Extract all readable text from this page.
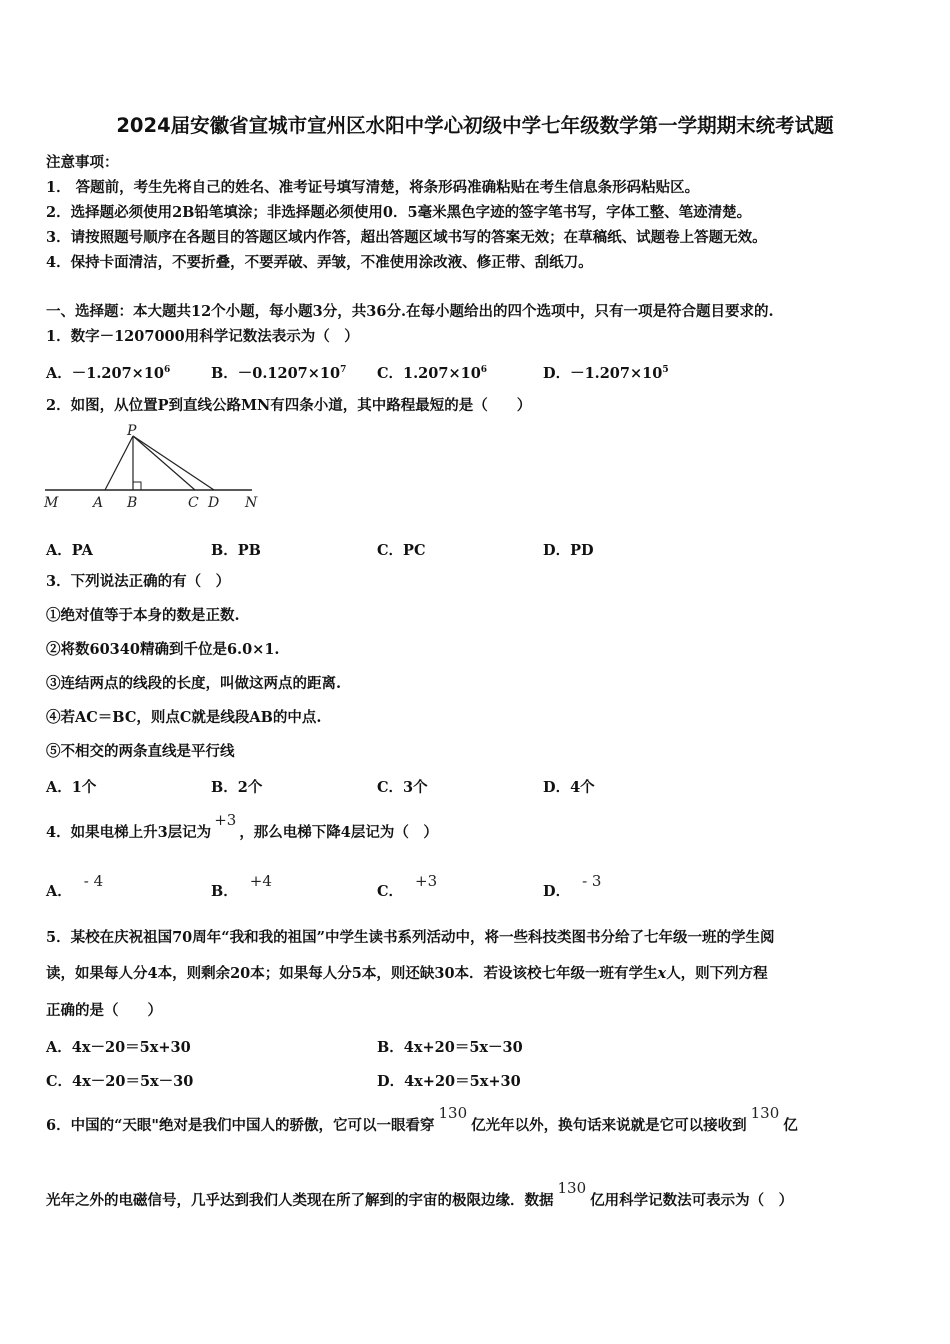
2024届安徽省宣城市宣州区水阳中学心初级中学七年级数学第一学期期末统考试题
注意事项：
1． 答题前，考生先将自己的姓名、准考证号填写清楚，将条形码准确粘贴在考生信息条形码粘贴区。
2．选择题必须使用2B铅笔填涂；非选择题必须使用0．5毫米黑色字迹的签字笔书写，字体工整、笔迹清楚。
3．请按照题号顺序在各题目的答题区域内作答，超出答题区域书写的答案无效；在草稿纸、试题卷上答题无效。
4．保持卡面清洁，不要折叠，不要弄破、弄皱，不准使用涂改液、修正带、刮纸刀。
一、选择题：本大题共12个小题，每小题3分，共36分.在每小题给出的四个选项中，只有一项是符合题目要求的.
1．数字－1207000用科学记数法表示为（　）
A．$-1.207\times 10^6$	B．$-0.1207\times 10^7$ C．$1.207\times 10^6$	D．$-1.207\times 10^5$
2．如图，从位置P到直线公路MN有四条小道，其中路程最短的是（　　）
P
M A B	C D N
A．PA	B．PB	C．PC	D．PD
3．下列说法正确的有（　）
①绝对值等于本身的数是正数.
②将数60340精确到千位是6.0×1.
③连结两点的线段的长度，叫做这两点的距离.
④若AC＝BC，则点C就是线段AB的中点.
⑤不相交的两条直线是平行线
A．1个	B．2个	C．3个	D．4个
4．如果电梯上升3层记为+3，那么电梯下降4层记为（　）
A．- 4
B．+4
C．+3
D．- 3
5．某校在庆祝祖国70周年“我和我的祖国”中学生读书系列活动中，将一些科技类图书分给了七年级一班的学生阅
读，如果每人分4本，则剩余20本；如果每人分5本，则还缺30本．若设该校七年级一班有学生x人，则下列方程
正确的是（　　）
A．4x－20＝5x+30	B．4x+20＝5x－30
C．4x－20＝5x－30	D．4x+20＝5x+30
6．中国的“天眼"绝对是我们中国人的骄傲，它可以一眼看穿130亿光年以外，换句话来说就是它可以接收到130亿
光年之外的电磁信号，几乎达到我们人类现在所了解到的宇宙的极限边缘．数据130亿用科学记数法可表示为（　）
